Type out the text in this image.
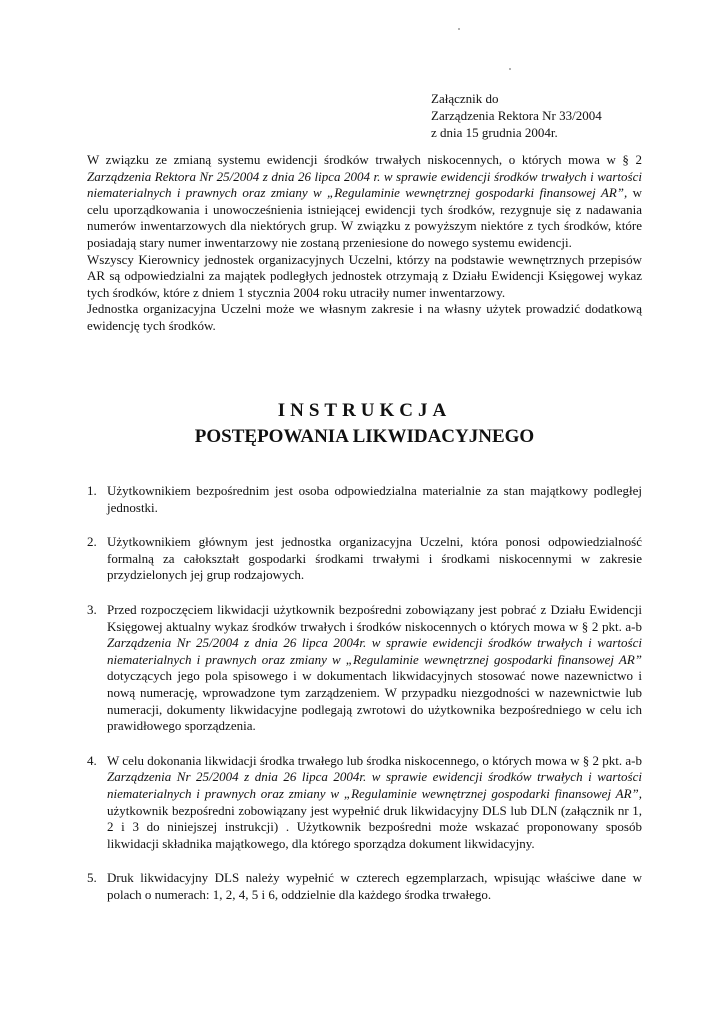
Załącznik do
Zarządzenia Rektora Nr 33/2004
z dnia 15 grudnia 2004r.

W związku ze zmianą systemu ewidencji środków trwałych niskocennych, o których mowa w § 2 Zarządzenia Rektora Nr 25/2004 z dnia 26 lipca 2004 r. w sprawie ewidencji środków trwałych i wartości niematerialnych i prawnych oraz zmiany w „Regulaminie wewnętrznej gospodarki finansowej AR”, w celu uporządkowania i unowocześnienia istniejącej ewidencji tych środków, rezygnuje się z nadawania numerów inwentarzowych dla niektórych grup. W związku z powyższym niektóre z tych środków, które posiadają stary numer inwentarzowy nie zostaną przeniesione do nowego systemu ewidencji.

Wszyscy Kierownicy jednostek organizacyjnych Uczelni, którzy na podstawie wewnętrznych przepisów AR są odpowiedzialni za majątek podległych jednostek otrzymają z Działu Ewidencji Księgowej wykaz tych środków, które z dniem 1 stycznia 2004 roku utraciły numer inwentarzowy.

Jednostka organizacyjna Uczelni może we własnym zakresie i na własny użytek prowadzić dodatkową ewidencję tych środków.

INSTRUKCJA
POSTĘPOWANIA LIKWIDACYJNEGO
1. Użytkownikiem bezpośrednim jest osoba odpowiedzialna materialnie za stan majątkowy podległej jednostki.
2. Użytkownikiem głównym jest jednostka organizacyjna Uczelni, która ponosi odpowiedzialność formalną za całokształt gospodarki środkami trwałymi i środkami niskocennymi w zakresie przydzielonych jej grup rodzajowych.
3. Przed rozpoczęciem likwidacji użytkownik bezpośredni zobowiązany jest pobrać z Działu Ewidencji Księgowej aktualny wykaz środków trwałych i środków niskocennych o których mowa w § 2 pkt. a-b Zarządzenia Nr 25/2004 z dnia 26 lipca 2004r. w sprawie ewidencji środków trwałych i wartości niematerialnych i prawnych oraz zmiany w „Regulaminie wewnętrznej gospodarki finansowej AR” dotyczących jego pola spisowego i w dokumentach likwidacyjnych stosować nowe nazewnictwo i nową numerację, wprowadzone tym zarządzeniem. W przypadku niezgodności w nazewnictwie lub numeracji, dokumenty likwidacyjne podlegają zwrotowi do użytkownika bezpośredniego w celu ich prawidłowego sporządzenia.
4. W celu dokonania likwidacji środka trwałego lub środka niskocennego, o których mowa w § 2 pkt. a-b Zarządzenia Nr 25/2004 z dnia 26 lipca 2004r. w sprawie ewidencji środków trwałych i wartości niematerialnych i prawnych oraz zmiany w „Regulaminie wewnętrznej gospodarki finansowej AR”, użytkownik bezpośredni zobowiązany jest wypełnić druk likwidacyjny DLS lub DLN (załącznik nr 1, 2 i 3 do niniejszej instrukcji) . Użytkownik bezpośredni może wskazać proponowany sposób likwidacji składnika majątkowego, dla którego sporządza dokument likwidacyjny.
5. Druk likwidacyjny DLS należy wypełnić w czterech egzemplarzach, wpisując właściwe dane w polach o numerach: 1, 2, 4, 5 i 6, oddzielnie dla każdego środka trwałego.
